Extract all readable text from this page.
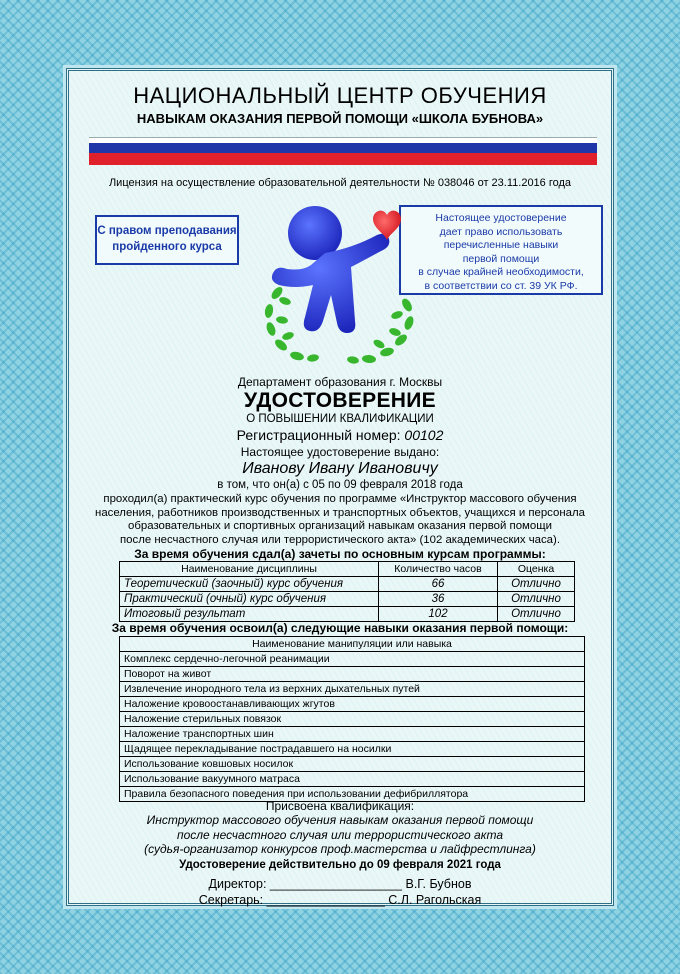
НАЦИОНАЛЬНЫЙ ЦЕНТР ОБУЧЕНИЯ
НАВЫКАМ ОКАЗАНИЯ ПЕРВОЙ ПОМОЩИ «ШКОЛА БУБНОВА»
Лицензия на осуществление образовательной деятельности № 038046 от 23.11.2016 года
С правом преподавания
пройденного курса
Настоящее удостоверение
дает право использовать
перечисленные навыки
первой помощи
в случае крайней необходимости,
в соответствии со ст. 39 УК РФ.
Департамент образования г. Москвы
УДОСТОВЕРЕНИЕ
О ПОВЫШЕНИИ КВАЛИФИКАЦИИ
Регистрационный номер: 00102
Настоящее удостоверение выдано:
Иванову Ивану Ивановичу
в том, что он(а) с 05 по 09 февраля 2018 года
проходил(а) практический курс обучения по программе «Инструктор массового обучения
населения, работников производственных и транспортных объектов, учащихся и персонала
образовательных и спортивных организаций навыкам оказания первой помощи
после несчастного случая или террористического акта» (102 академических часа).
За время обучения сдал(а) зачеты по основным курсам программы:
Наименование дисциплины	Количество часов	Оценка
Теоретический (заочный) курс обучения	66	Отлично
Практический (очный) курс обучения	36	Отлично
Итоговый результат	102	Отлично
За время обучения освоил(а) следующие навыки оказания первой помощи:
Наименование манипуляции или навыка
Комплекс сердечно-легочной реанимации
Поворот на живот
Извлечение инородного тела из верхних дыхательных путей
Наложение кровоостанавливающих жгутов
Наложение стерильных повязок
Наложение транспортных шин
Щадящее перекладывание пострадавшего на носилки
Использование ковшовых носилок
Использование вакуумного матраса
Правила безопасного поведения при использовании дефибриллятора
Присвоена квалификация:
Инструктор массового обучения навыкам оказания первой помощи
после несчастного случая или террористического акта
(судья-организатор конкурсов проф.мастерства и лайфрестлинга)
Удостоверение действительно до 09 февраля 2021 года
Директор: ___________________ В.Г. Бубнов
Секретарь: _________________ С.Л. Рагольская
